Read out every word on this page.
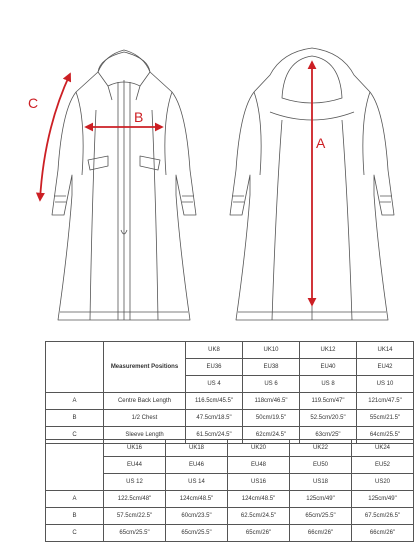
C
B
A
	Measurement Positions	UK8	UK10	UK12	UK14
		EU36	EU38	EU40	EU42
		US 4	US 6	US 8	US 10
A	Centre Back Length	116.5cm/45.5"	118cm/46.5"	119.5cm/47"	121cm/47.5"
B	1/2 Chest	47.5cm/18.5"	50cm/19.5"	52.5cm/20.5"	55cm/21.5"
C	Sleeve Length	61.5cm/24.5"	62cm/24.5"	63cm/25"	64cm/25.5"
	UK16	UK18	UK20	UK22	UK24
	EU44	EU46	EU48	EU50	EU52
	US 12	US 14	US16	US18	US20
A	122.5cm/48"	124cm/48.5"	124cm/48.5"	125cm/49"	125cm/49"
B	57.5cm/22.5"	60cm/23.5"	62.5cm/24.5"	65cm/25.5"	67.5cm/26.5"
C	65cm/25.5"	65cm/25.5"	65cm/26"	66cm/26"	66cm/26"
